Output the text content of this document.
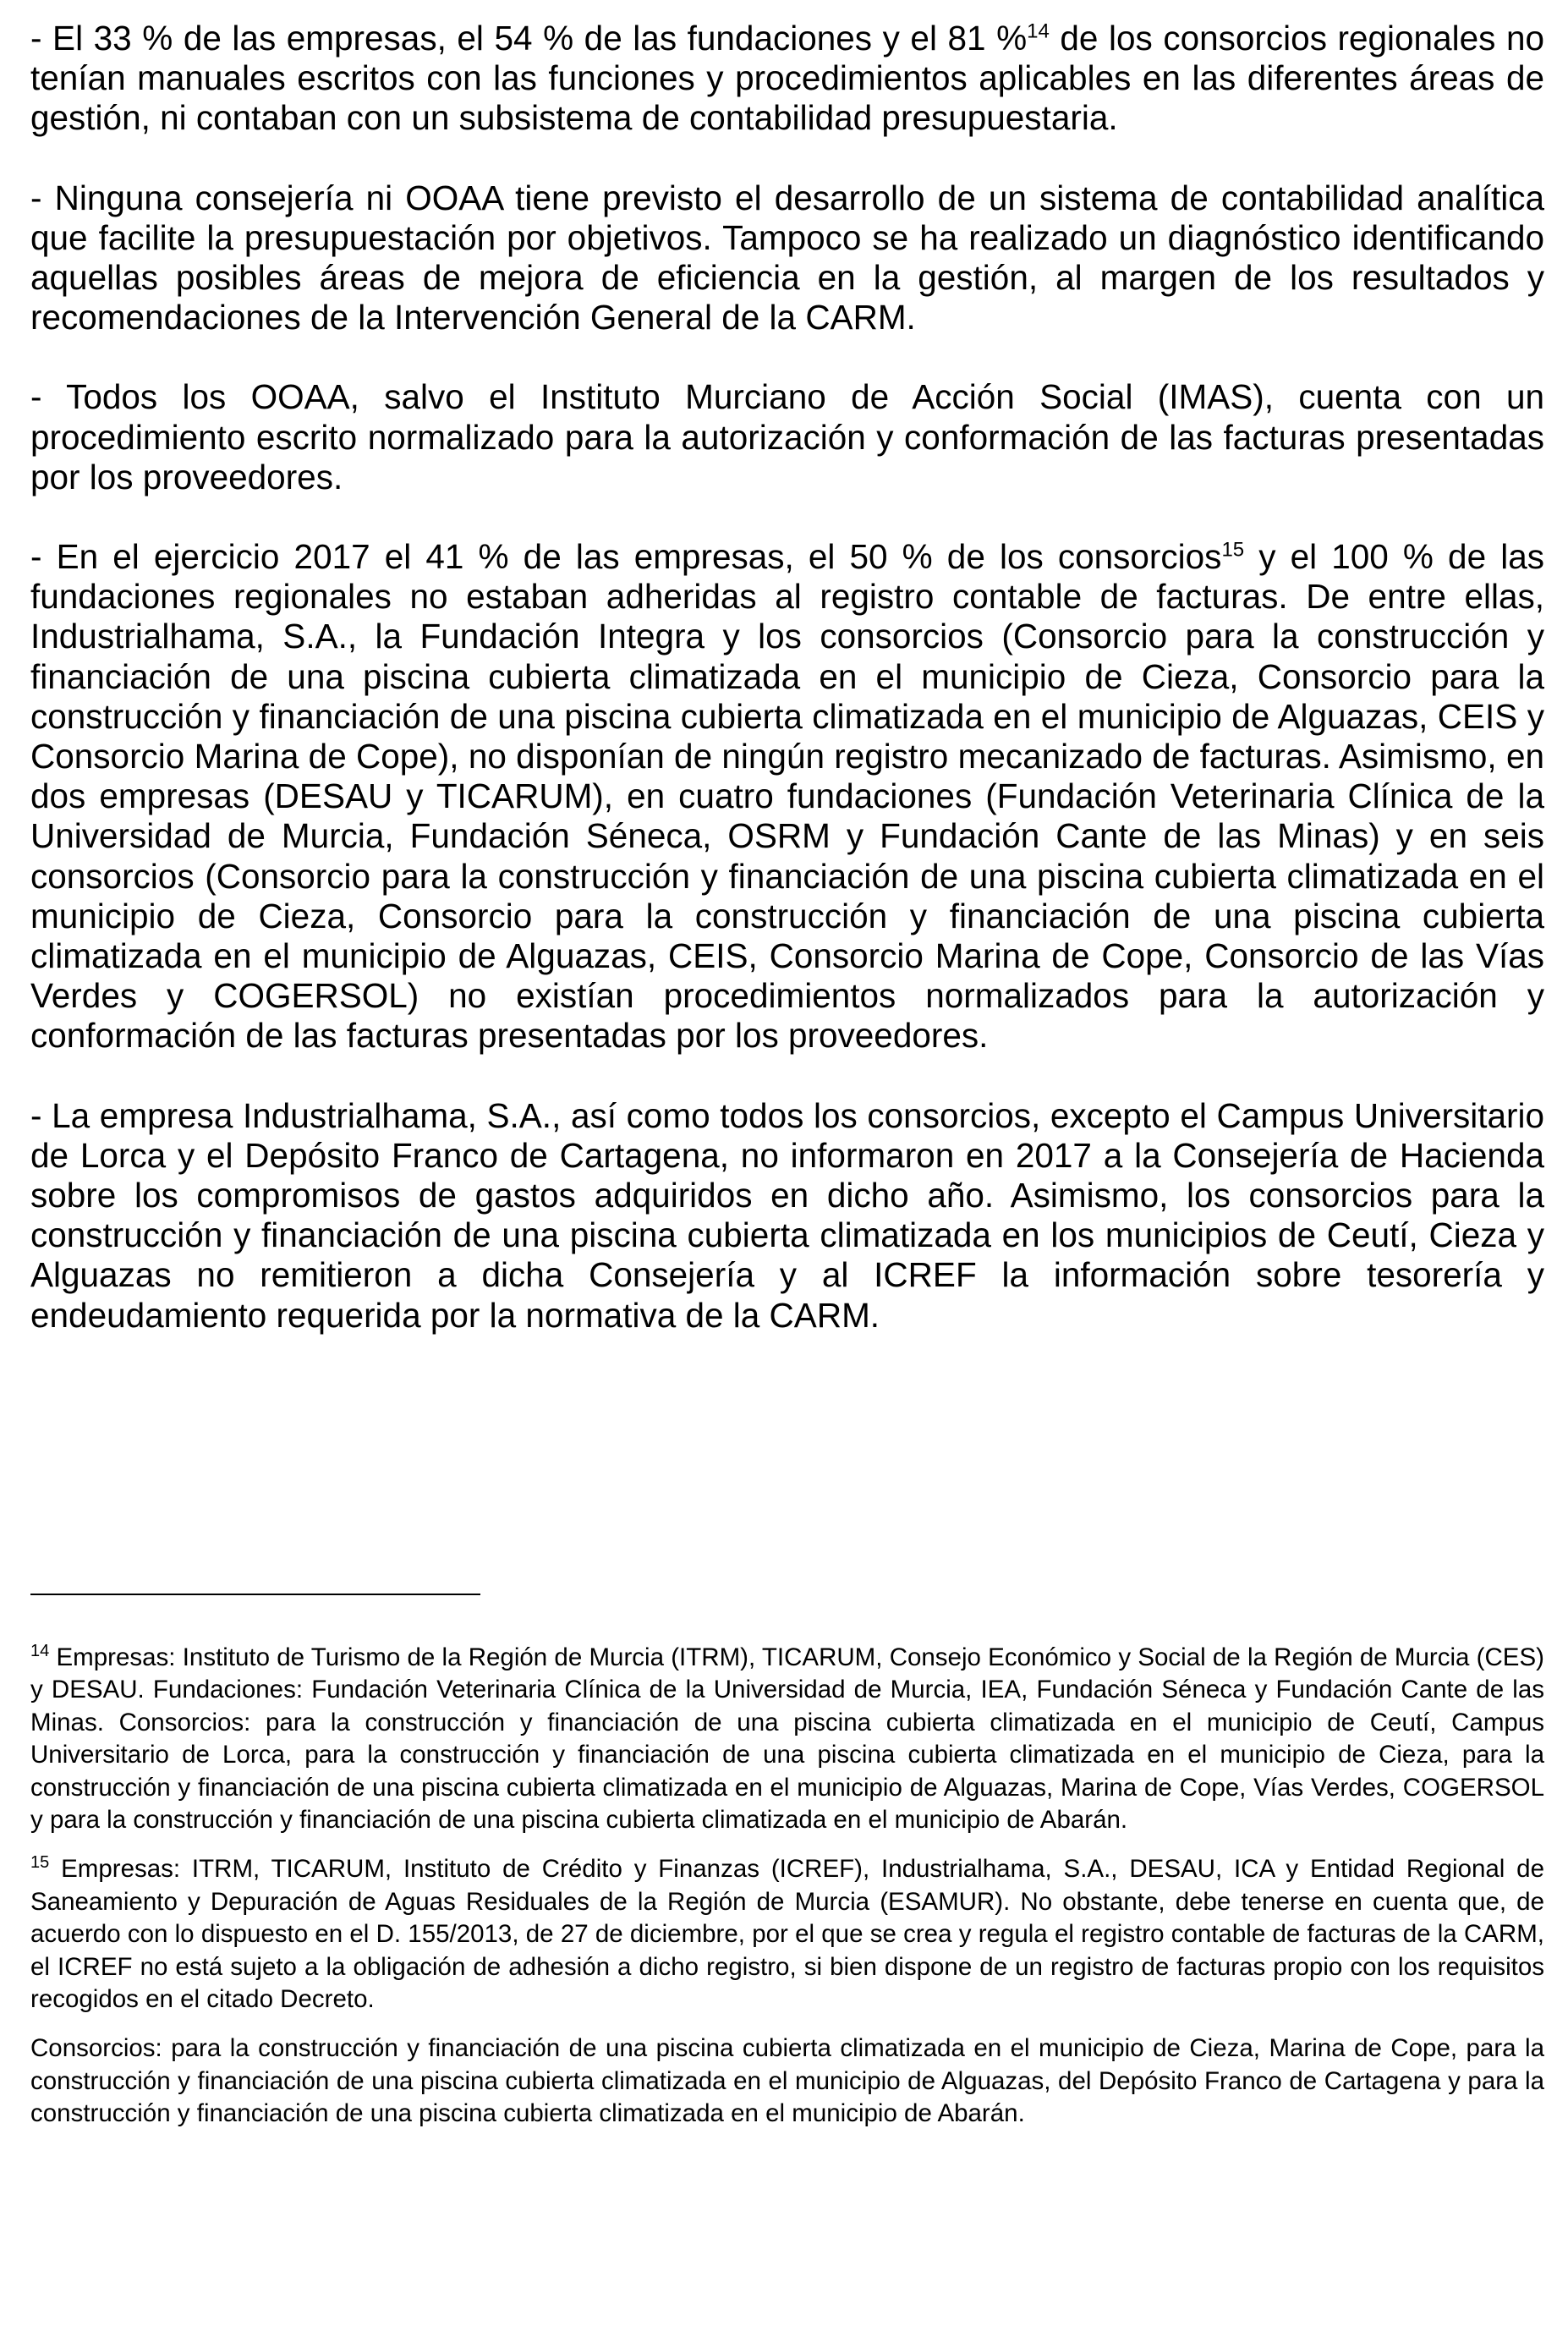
- El 33 % de las empresas, el 54 % de las fundaciones y el 81 %$^{14}$ de los consorcios regionales no tenían manuales escritos con las funciones y procedimientos aplicables en las diferentes áreas de gestión, ni contaban con un subsistema de contabilidad presupuestaria.

- Ninguna consejería ni OOAA tiene previsto el desarrollo de un sistema de contabilidad analítica que facilite la presupuestación por objetivos. Tampoco se ha realizado un diagnóstico identificando aquellas posibles áreas de mejora de eficiencia en la gestión, al margen de los resultados y recomendaciones de la Intervención General de la CARM.

- Todos los OOAA, salvo el Instituto Murciano de Acción Social (IMAS), cuenta con un procedimiento escrito normalizado para la autorización y conformación de las facturas presentadas por los proveedores.

- En el ejercicio 2017 el 41 % de las empresas, el 50 % de los consorcios$^{15}$ y el 100 % de las fundaciones regionales no estaban adheridas al registro contable de facturas. De entre ellas, Industrialhama, S.A., la Fundación Integra y los consorcios (Consorcio para la construcción y financiación de una piscina cubierta climatizada en el municipio de Cieza, Consorcio para la construcción y financiación de una piscina cubierta climatizada en el municipio de Alguazas, CEIS y Consorcio Marina de Cope), no disponían de ningún registro mecanizado de facturas. Asimismo, en dos empresas (DESAU y TICARUM), en cuatro fundaciones (Fundación Veterinaria Clínica de la Universidad de Murcia, Fundación Séneca, OSRM y Fundación Cante de las Minas) y en seis consorcios (Consorcio para la construcción y financiación de una piscina cubierta climatizada en el municipio de Cieza, Consorcio para la construcción y financiación de una piscina cubierta climatizada en el municipio de Alguazas, CEIS, Consorcio Marina de Cope, Consorcio de las Vías Verdes y COGERSOL) no existían procedimientos normalizados para la autorización y conformación de las facturas presentadas por los proveedores.

- La empresa Industrialhama, S.A., así como todos los consorcios, excepto el Campus Universitario de Lorca y el Depósito Franco de Cartagena, no informaron en 2017 a la Consejería de Hacienda sobre los compromisos de gastos adquiridos en dicho año. Asimismo, los consorcios para la construcción y financiación de una piscina cubierta climatizada en los municipios de Ceutí, Cieza y Alguazas no remitieron a dicha Consejería y al ICREF la información sobre tesorería y endeudamiento requerida por la normativa de la CARM.

$^{14}$ Empresas: Instituto de Turismo de la Región de Murcia (ITRM), TICARUM, Consejo Económico y Social de la Región de Murcia (CES) y DESAU. Fundaciones: Fundación Veterinaria Clínica de la Universidad de Murcia, IEA, Fundación Séneca y Fundación Cante de las Minas. Consorcios: para la construcción y financiación de una piscina cubierta climatizada en el municipio de Ceutí, Campus Universitario de Lorca, para la construcción y financiación de una piscina cubierta climatizada en el municipio de Cieza, para la construcción y financiación de una piscina cubierta climatizada en el municipio de Alguazas, Marina de Cope, Vías Verdes, COGERSOL y para la construcción y financiación de una piscina cubierta climatizada en el municipio de Abarán.

$^{15}$ Empresas: ITRM, TICARUM, Instituto de Crédito y Finanzas (ICREF), Industrialhama, S.A., DESAU, ICA y Entidad Regional de Saneamiento y Depuración de Aguas Residuales de la Región de Murcia (ESAMUR). No obstante, debe tenerse en cuenta que, de acuerdo con lo dispuesto en el D. 155/2013, de 27 de diciembre, por el que se crea y regula el registro contable de facturas de la CARM, el ICREF no está sujeto a la obligación de adhesión a dicho registro, si bien dispone de un registro de facturas propio con los requisitos recogidos en el citado Decreto.

Consorcios: para la construcción y financiación de una piscina cubierta climatizada en el municipio de Cieza, Marina de Cope, para la construcción y financiación de una piscina cubierta climatizada en el municipio de Alguazas, del Depósito Franco de Cartagena y para la construcción y financiación de una piscina cubierta climatizada en el municipio de Abarán.
